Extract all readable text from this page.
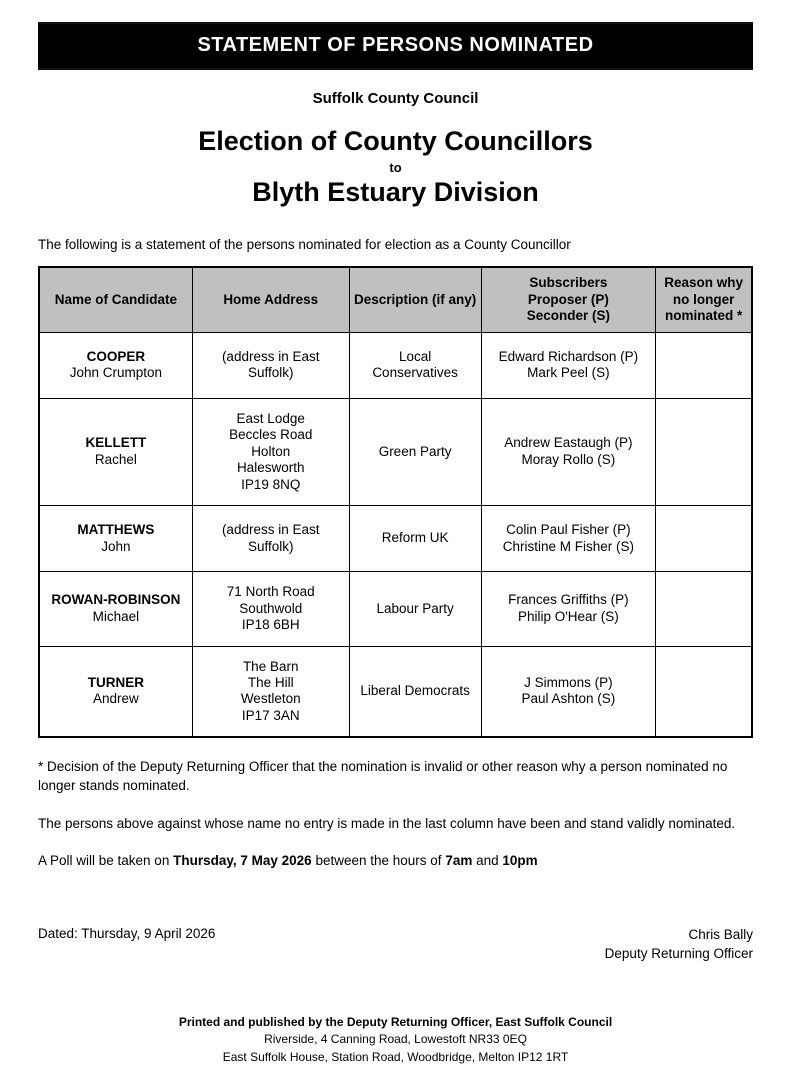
STATEMENT OF PERSONS NOMINATED
Suffolk County Council
Election of County Councillors
to
Blyth Estuary Division

The following is a statement of the persons nominated for election as a County Councillor

Name of Candidate	Home Address	Description (if any)	Subscribers
Proposer (P)
Seconder (S)	Reason why no longer nominated *

COOPER
John Crumpton	(address in East Suffolk)	Local Conservatives	Edward Richardson (P)
Mark Peel (S)	

KELLETT
Rachel	East Lodge
Beccles Road
Holton
Halesworth
IP19 8NQ	Green Party	Andrew Eastaugh (P)
Moray Rollo (S)	

MATTHEWS
John	(address in East Suffolk)	Reform UK	Colin Paul Fisher (P)
Christine M Fisher (S)	

ROWAN-ROBINSON
Michael	71 North Road
Southwold
IP18 6BH	Labour Party	Frances Griffiths (P)
Philip O'Hear (S)	

TURNER
Andrew	The Barn
The Hill
Westleton
IP17 3AN	Liberal Democrats	J Simmons (P)
Paul Ashton (S)	

* Decision of the Deputy Returning Officer that the nomination is invalid or other reason why a person nominated no longer stands nominated.

The persons above against whose name no entry is made in the last column have been and stand validly nominated.

A Poll will be taken on Thursday, 7 May 2026 between the hours of 7am and 10pm

Dated: Thursday, 9 April 2026	Chris Bally
Deputy Returning Officer
Printed and published by the Deputy Returning Officer, East Suffolk Council
Riverside, 4 Canning Road, Lowestoft NR33 0EQ
East Suffolk House, Station Road, Woodbridge, Melton IP12 1RT
